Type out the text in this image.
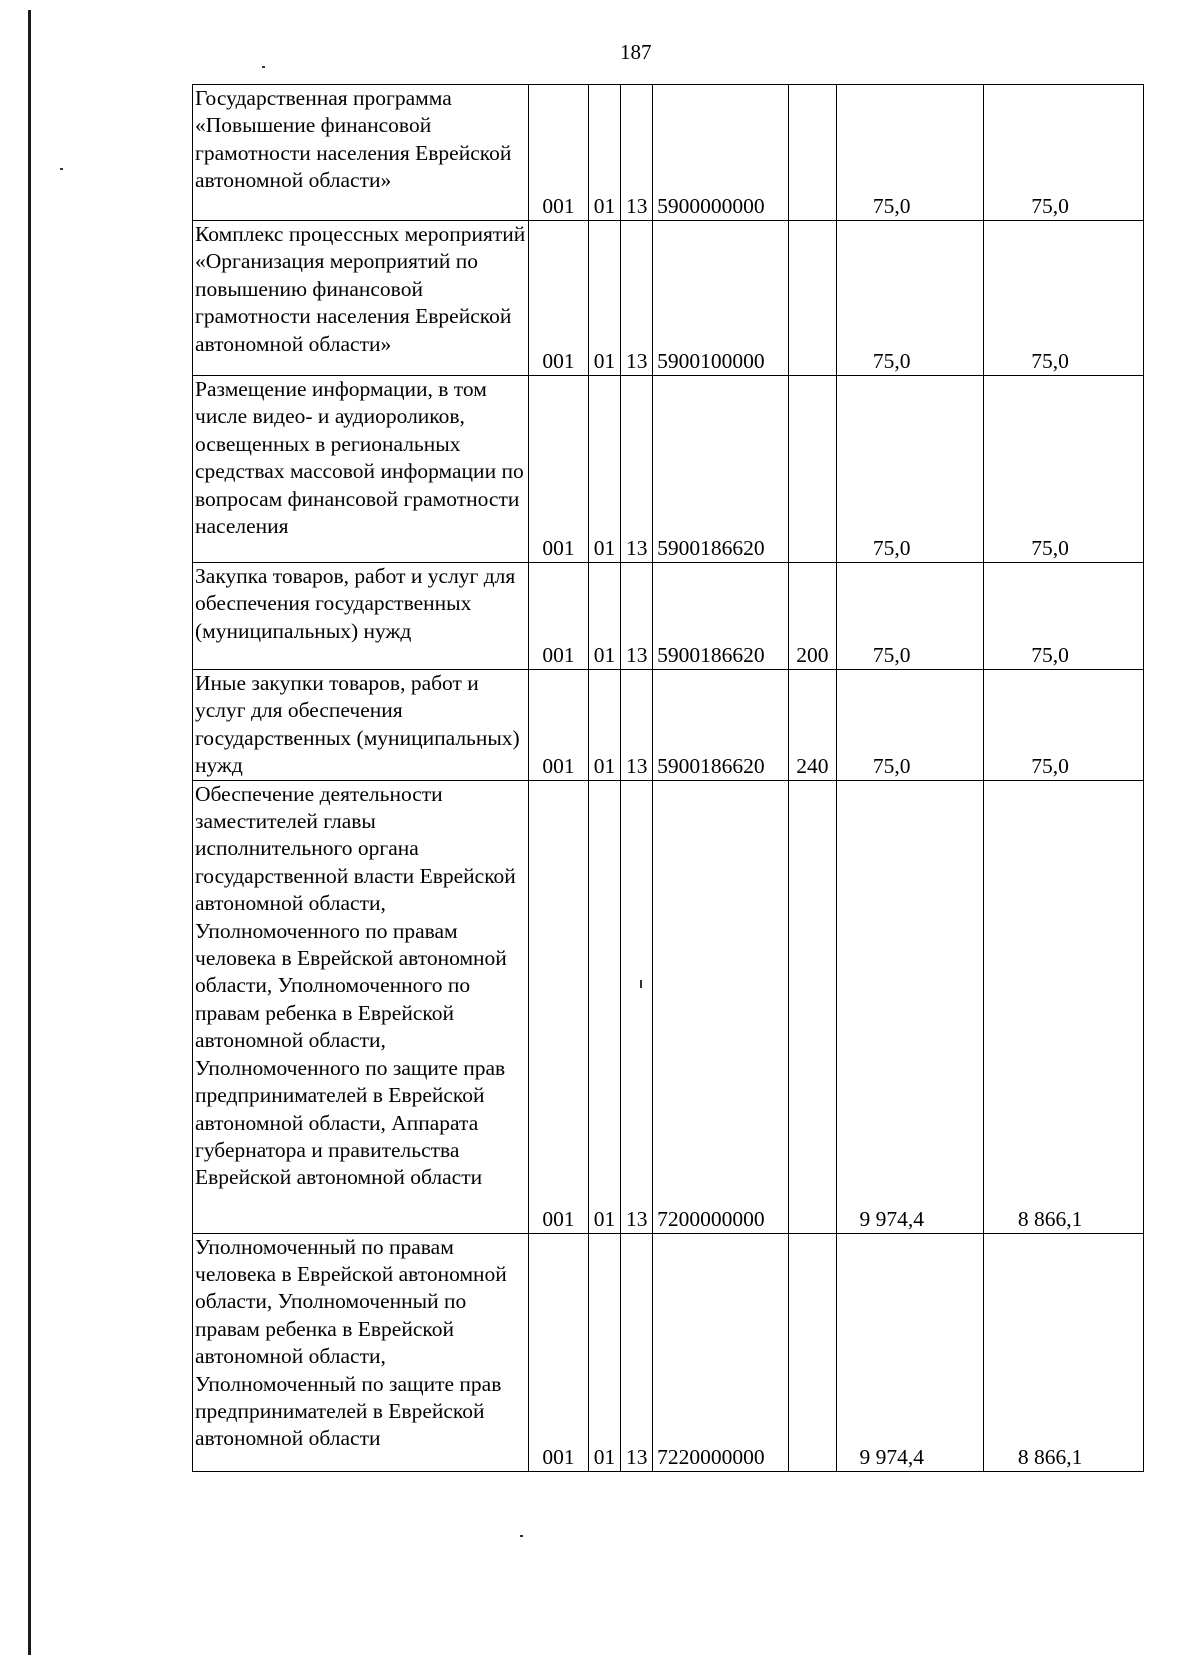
187
Государственная программа «Повышение финансовой грамотности населения Еврейской автономной области»	001	01	13	5900000000		75,0	75,0
Комплекс процессных мероприятий «Организация мероприятий по повышению финансовой грамотности населения Еврейской автономной области»	001	01	13	5900100000		75,0	75,0
Размещение информации, в том числе видео- и аудиороликов, освещенных в региональных средствах массовой информации по вопросам финансовой грамотности населения	001	01	13	5900186620		75,0	75,0
Закупка товаров, работ и услуг для обеспечения государственных (муниципальных) нужд	001	01	13	5900186620	200	75,0	75,0
Иные закупки товаров, работ и услуг для обеспечения государственных (муниципальных) нужд	001	01	13	5900186620	240	75,0	75,0
Обеспечение деятельности заместителей главы исполнительного органа государственной власти Еврейской автономной области, Уполномоченного по правам человека в Еврейской автономной области, Уполномоченного по правам ребенка в Еврейской автономной области, Уполномоченного по защите прав предпринимателей в Еврейской автономной области, Аппарата губернатора и правительства Еврейской автономной области	001	01	13	7200000000		9 974,4	8 866,1
Уполномоченный по правам человека в Еврейской автономной области, Уполномоченный по правам ребенка в Еврейской автономной области, Уполномоченный по защите прав предпринимателей в Еврейской автономной области	001	01	13	7220000000		9 974,4	8 866,1
